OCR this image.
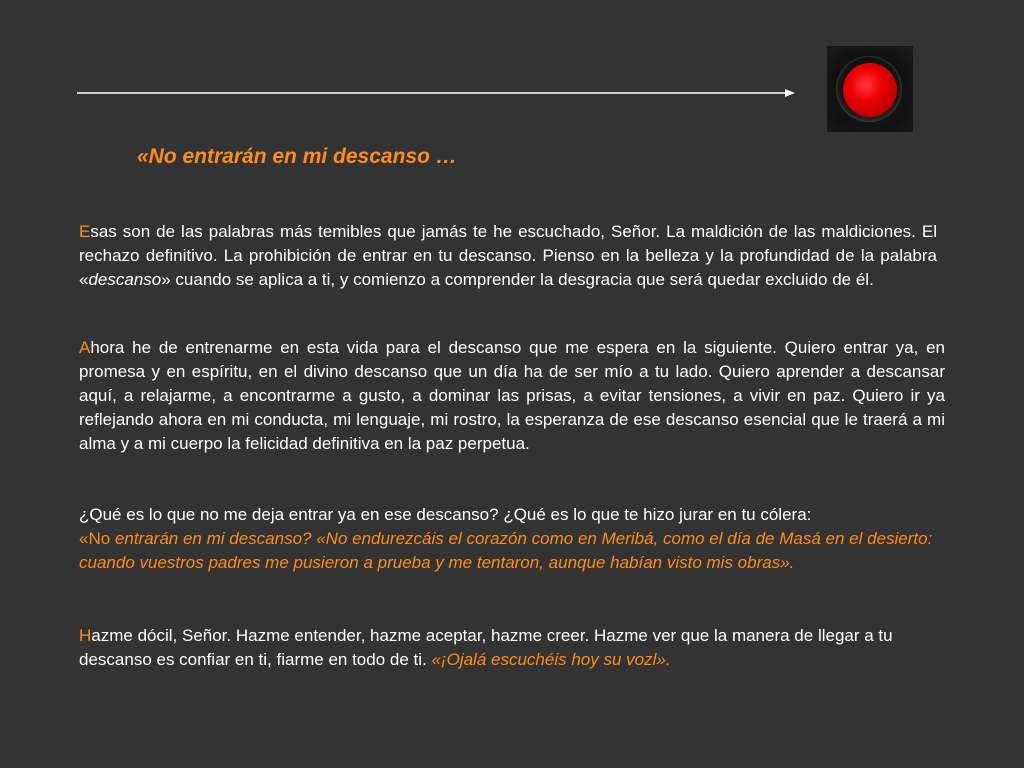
«No entrarán en mi descanso …

Esas son de las palabras más temibles que jamás te he escuchado, Señor. La maldición de las maldiciones. El rechazo definitivo. La prohibición de entrar en tu descanso. Pienso en la belleza y la profundidad de la palabra «descanso» cuando se aplica a ti, y comienzo a comprender la desgracia que será quedar excluido de él.

Ahora he de entrenarme en esta vida para el descanso que me espera en la siguiente. Quiero entrar ya, en promesa y en espíritu, en el divino descanso que un día ha de ser mío a tu lado. Quiero aprender a descansar aquí, a relajarme, a encontrarme a gusto, a dominar las prisas, a evitar tensiones, a vivir en paz. Quiero ir ya reflejando ahora en mi conducta, mi lenguaje, mi rostro, la esperanza de ese descanso esencial que le traerá a mi alma y a mi cuerpo la felicidad definitiva en la paz perpetua.

¿Qué es lo que no me deja entrar ya en ese descanso? ¿Qué es lo que te hizo jurar en tu cólera:
«No entrarán en mi descanso? «No endurezcáis el corazón como en Meribá, como el día de Masá en el desierto: cuando vuestros padres me pusieron a prueba y me tentaron, aunque habían visto mis obras».

Hazme dócil, Señor. Hazme entender, hazme aceptar, hazme creer. Hazme ver que la manera de llegar a tu descanso es confiar en ti, fiarme en todo de ti. «¡Ojalá escuchéis hoy su vozl».
